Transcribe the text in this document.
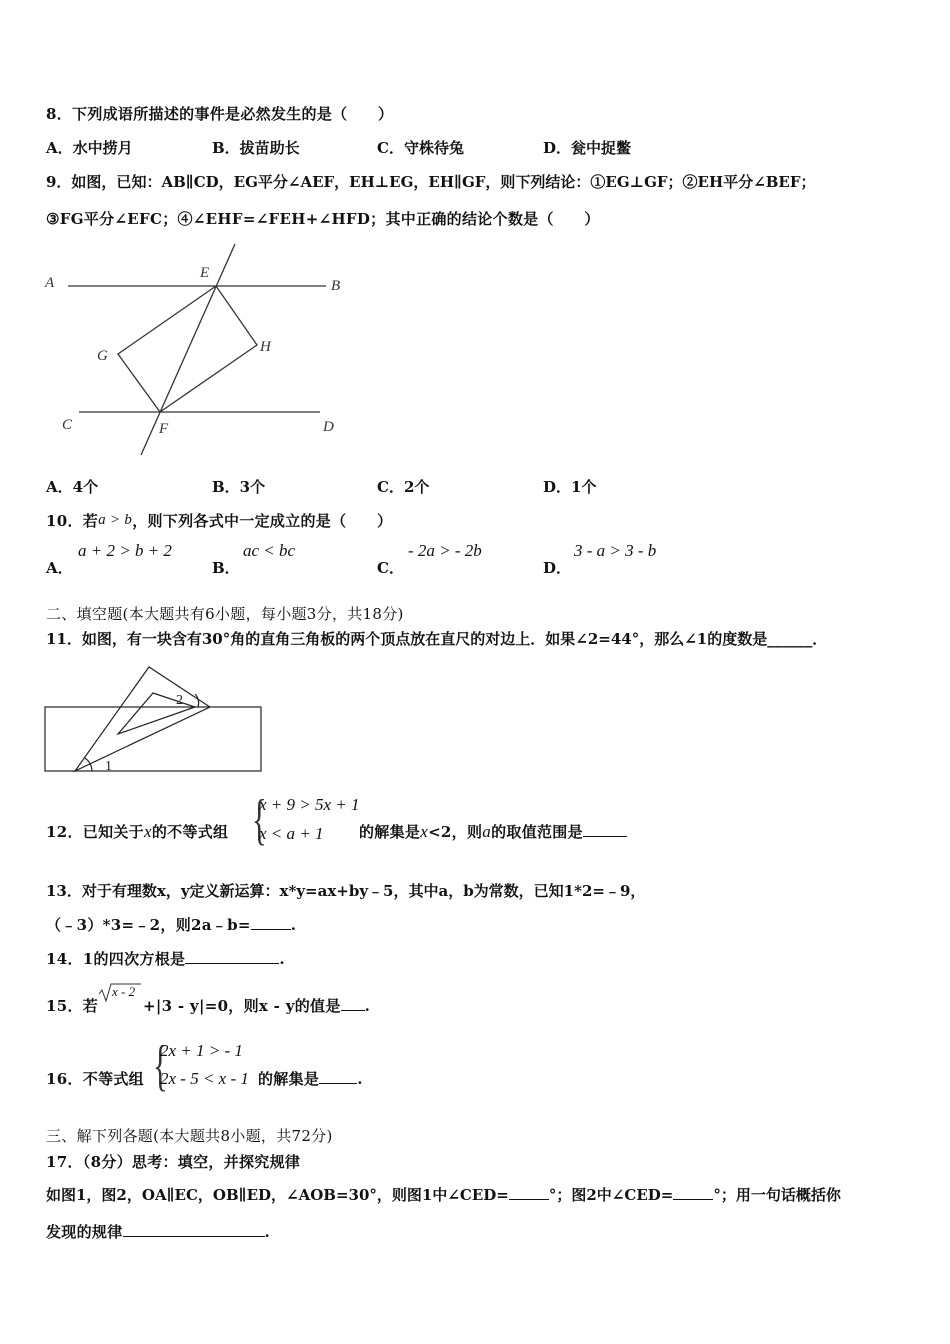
8．下列成语所描述的事件是必然发生的是（　　）
A．水中捞月	B．拔苗助长	C．守株待兔	D．瓮中捉鳖
9．如图，已知：AB∥CD，EG平分∠AEF，EH⊥EG，EH∥GF，则下列结论：①EG⊥GF；②EH平分∠BEF；
③FG平分∠EFC；④∠EHF=∠FEH+∠HFD；其中正确的结论个数是（　　）
A	B
C	D
E
F
G
H
A．4个	B．3个	C．2个	D．1个
10．若a > b，则下列各式中一定成立的是（　　）
A．
a + 2 > b + 2
B．
ac < bc
C．
- 2a > - 2b
D．
3 - a > 3 - b
二、填空题(本大题共有6小题，每小题3分，共18分)
11．如图，有一块含有30°角的直角三角板的两个顶点放在直尺的对边上．如果∠2=44°，那么∠1的度数是______．
1
2
12．已知关于x的不等式组 {
x + 9 > 5x + 1
x < a + 1 的解集是x<2，则a的取值范围是
13．对于有理数x，y定义新运算：x*y=ax+by﹣5，其中a，b为常数，已知1*2=﹣9，
（﹣3）*3=﹣2，则2a﹣b=	.
14．1的四次方根是	.
15．若
x - 2
+|3 - y|=0，则x - y的值是 .
16．不等式组 {
2x + 1 > - 1
2x - 5 < x - 1 的解集是	.
三、解下列各题(本大题共8小题，共72分)
17．（8分）思考：填空，并探究规律
如图1，图2，OA∥EC，OB∥ED，∠AOB=30°，则图1中∠CED=	°；图2中∠CED=	°；用一句话概括你
发现的规律	.
